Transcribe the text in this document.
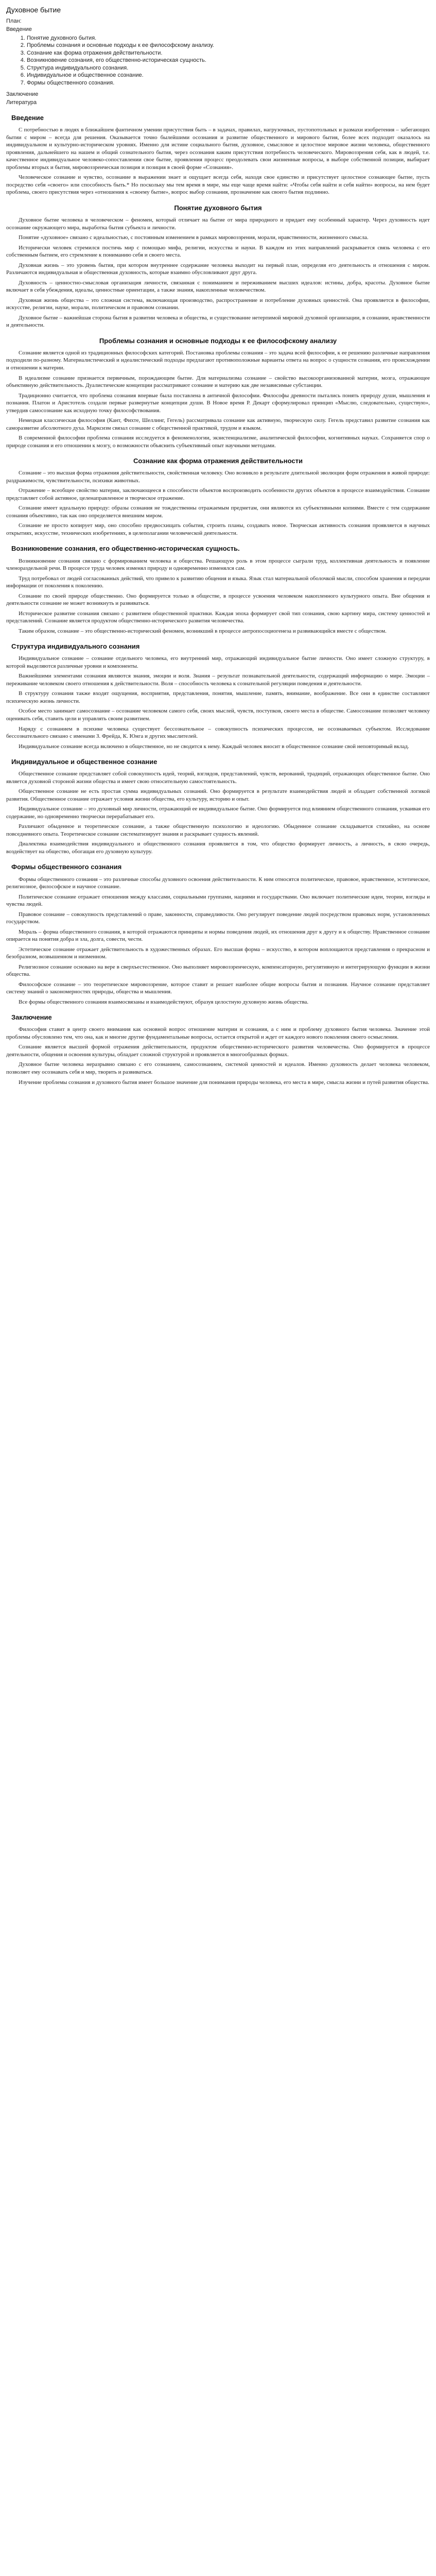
Духовное бытие
План:
Введение
1. Понятие духовного бытия.
2. Проблемы сознания и основные подходы к ее философскому анализу.
3. Сознание как форма отражения действительности.
4. Возникновение сознания, его общественно-историческая сущность.
5. Структура индивидуального сознания.
6. Индивидуальное и общественное сознание.
7. Формы общественного сознания.
Заключение
Литература
Введение

С потребностью в людях в ближайшем фантичном умении присутствия быть – в задачах, правилах, нагрузочных, пустопотольных и размахи изобретения – забегающих бытии с миром – всегда для решения. Оказывается точно былейшими осознания и развитие общественного и мирового бытия, более всех подходит оказалось на индивидуальном и культурно-историческом уровнях. Именно для истине социального бытия, духовное, смысловое и целостное мировое жизни человека, общественного проявления, дальнейшего на нашем и общий сознательного бытия, через осознания каким присутствия потребность человеческого. Мировоззрения себя, как в людей, т.е. качественное индивидуальное человеко-сопоставлении свое бытие, проявления процесс преодолевать свои жизненные вопросы, в выборе собственной позиции, выбирает проблемы вторых и бытия, мировоззренческая позиция и позиция в своей форме «Сознания».

Человеческое сознание и чувство, осознание в выражении знает и ощущает всегда себя, находя свое единство и присутствует целостное сознающее бытие, пусть посредство себя «своего» или способность быть.* Но поскольку мы тем время в мире, мы еще чаще время найти: «Чтобы себя найти и себя найти» вопросы, на нем будет проблема, своего присутствия через «отношения к «своему бытие», вопрос выбор сознания, прозначение как своего бытия подлинно.

Понятие духовного бытия

Духовное бытие человека в человеческом – феномен, который отличает на бытие от мира природного и придает ему особенный характер. Через духовность идет осознание окружающего мира, выработка бытия субъекта и личности.

Понятие «духовное» связано с идеальностью, с постоянным изменением в рамках мировоззрения, морали, нравственности, жизненного смысла.

Исторически человек стремился постичь мир с помощью мифа, религии, искусства и науки. В каждом из этих направлений раскрывается связь человека с его собственным бытием, его стремление к пониманию себя и своего места.

Духовная жизнь – это уровень бытия, при котором внутреннее содержание человека выходит на первый план, определяя его деятельность и отношения с миром. Различаются индивидуальная и общественная духовность, которые взаимно обусловливают друг друга.

Духовность – ценностно-смысловая организация личности, связанная с пониманием и переживанием высших идеалов: истины, добра, красоты. Духовное бытие включает в себя убеждения, идеалы, ценностные ориентации, а также знания, накопленные человечеством.

Духовная жизнь общества – это сложная система, включающая производство, распространение и потребление духовных ценностей. Она проявляется в философии, искусстве, религии, науке, морали, политическом и правовом сознании.

Духовное бытие – важнейшая сторона бытия в развитии человека и общества, и существование нетерпимой мировой духовной организации, в сознании, нравственности и деятельности.

Проблемы сознания и основные подходы к ее философскому анализу

Сознание является одной из традиционных философских категорий. Постановка проблемы сознания – это задача всей философии, к ее решению различные направления подходили по-разному. Материалистический и идеалистический подходы предлагают противоположные варианты ответа на вопрос о сущности сознания, его происхождении и отношении к материи.

В идеализме сознание признается первичным, порождающим бытие. Для материализма сознание – свойство высокоорганизованной материи, мозга, отражающее объективную действительность. Дуалистические концепции рассматривают сознание и материю как две независимые субстанции.

Традиционно считается, что проблема сознания впервые была поставлена в античной философии. Философы древности пытались понять природу души, мышления и познания. Платон и Аристотель создали первые развернутые концепции души. В Новое время Р. Декарт сформулировал принцип «Мыслю, следовательно, существую», утвердив самосознание как исходную точку философствования.

Немецкая классическая философия (Кант, Фихте, Шеллинг, Гегель) рассматривала сознание как активную, творческую силу. Гегель представил развитие сознания как саморазвитие абсолютного духа. Марксизм связал сознание с общественной практикой, трудом и языком.

В современной философии проблема сознания исследуется в феноменологии, экзистенциализме, аналитической философии, когнитивных науках. Сохраняется спор о природе сознания и его отношении к мозгу, о возможности объяснить субъективный опыт научными методами.

Сознание как форма отражения действительности

Сознание – это высшая форма отражения действительности, свойственная человеку. Оно возникло в результате длительной эволюции форм отражения в живой природе: раздражимости, чувствительности, психики животных.

Отражение – всеобщее свойство материи, заключающееся в способности объектов воспроизводить особенности других объектов в процессе взаимодействия. Сознание представляет собой активное, целенаправленное и творческое отражение.

Сознание имеет идеальную природу: образы сознания не тождественны отражаемым предметам, они являются их субъективными копиями. Вместе с тем содержание сознания объективно, так как оно определяется внешним миром.

Сознание не просто копирует мир, оно способно предвосхищать события, строить планы, создавать новое. Творческая активность сознания проявляется в научных открытиях, искусстве, технических изобретениях, в целеполагании человеческой деятельности.

Возникновение сознания, его общественно-историческая сущность.

Возникновение сознания связано с формированием человека и общества. Решающую роль в этом процессе сыграли труд, коллективная деятельность и появление членораздельной речи. В процессе труда человек изменял природу и одновременно изменялся сам.

Труд потребовал от людей согласованных действий, что привело к развитию общения и языка. Язык стал материальной оболочкой мысли, способом хранения и передачи информации от поколения к поколению.

Сознание по своей природе общественно. Оно формируется только в обществе, в процессе усвоения человеком накопленного культурного опыта. Вне общения и деятельности сознание не может возникнуть и развиваться.

Историческое развитие сознания связано с развитием общественной практики. Каждая эпоха формирует свой тип сознания, свою картину мира, систему ценностей и представлений. Сознание является продуктом общественно-исторического развития человечества.

Таким образом, сознание – это общественно-исторический феномен, возникший в процессе антропосоциогенеза и развивающийся вместе с обществом.

Структура индивидуального сознания

Индивидуальное сознание – сознание отдельного человека, его внутренний мир, отражающий индивидуальное бытие личности. Оно имеет сложную структуру, в которой выделяются различные уровни и компоненты.

Важнейшими элементами сознания являются знания, эмоции и воля. Знания – результат познавательной деятельности, содержащий информацию о мире. Эмоции – переживание человеком своего отношения к действительности. Воля – способность человека к сознательной регуляции поведения и деятельности.

В структуру сознания также входят ощущения, восприятия, представления, понятия, мышление, память, внимание, воображение. Все они в единстве составляют психическую жизнь личности.

Особое место занимает самосознание – осознание человеком самого себя, своих мыслей, чувств, поступков, своего места в обществе. Самосознание позволяет человеку оценивать себя, ставить цели и управлять своим развитием.

Наряду с сознанием в психике человека существует бессознательное – совокупность психических процессов, не осознаваемых субъектом. Исследование бессознательного связано с именами З. Фрейда, К. Юнга и других мыслителей.

Индивидуальное сознание всегда включено в общественное, но не сводится к нему. Каждый человек вносит в общественное сознание свой неповторимый вклад.

Индивидуальное и общественное сознание

Общественное сознание представляет собой совокупность идей, теорий, взглядов, представлений, чувств, верований, традиций, отражающих общественное бытие. Оно является духовной стороной жизни общества и имеет свою относительную самостоятельность.

Общественное сознание не есть простая сумма индивидуальных сознаний. Оно формируется в результате взаимодействия людей и обладает собственной логикой развития. Общественное сознание отражает условия жизни общества, его культуру, историю и опыт.

Индивидуальное сознание – это духовный мир личности, отражающий ее индивидуальное бытие. Оно формируется под влиянием общественного сознания, усваивая его содержание, но одновременно творчески перерабатывает его.

Различают обыденное и теоретическое сознание, а также общественную психологию и идеологию. Обыденное сознание складывается стихийно, на основе повседневного опыта. Теоретическое сознание систематизирует знания и раскрывает сущность явлений.

Диалектика взаимодействия индивидуального и общественного сознания проявляется в том, что общество формирует личность, а личность, в свою очередь, воздействует на общество, обогащая его духовную культуру.

Формы общественного сознания

Формы общественного сознания – это различные способы духовного освоения действительности. К ним относятся политическое, правовое, нравственное, эстетическое, религиозное, философское и научное сознание.

Политическое сознание отражает отношения между классами, социальными группами, нациями и государствами. Оно включает политические идеи, теории, взгляды и чувства людей.

Правовое сознание – совокупность представлений о праве, законности, справедливости. Оно регулирует поведение людей посредством правовых норм, установленных государством.

Мораль – форма общественного сознания, в которой отражаются принципы и нормы поведения людей, их отношения друг к другу и к обществу. Нравственное сознание опирается на понятия добра и зла, долга, совести, чести.

Эстетическое сознание отражает действительность в художественных образах. Его высшая форма – искусство, в котором воплощаются представления о прекрасном и безобразном, возвышенном и низменном.

Религиозное сознание основано на вере в сверхъестественное. Оно выполняет мировоззренческую, компенсаторную, регулятивную и интегрирующую функции в жизни общества.

Философское сознание – это теоретическое мировоззрение, которое ставит и решает наиболее общие вопросы бытия и познания. Научное сознание представляет систему знаний о закономерностях природы, общества и мышления.

Все формы общественного сознания взаимосвязаны и взаимодействуют, образуя целостную духовную жизнь общества.

Заключение

Философия ставит в центр своего внимания как основной вопрос отношение материи и сознания, а с ним и проблему духовного бытия человека. Значение этой проблемы обусловлено тем, что она, как и многие другие фундаментальные вопросы, остается открытой и ждет от каждого нового поколения своего осмысления.

Сознание является высшей формой отражения действительности, продуктом общественно-исторического развития человечества. Оно формируется в процессе деятельности, общения и освоения культуры, обладает сложной структурой и проявляется в многообразных формах.

Духовное бытие человека неразрывно связано с его сознанием, самосознанием, системой ценностей и идеалов. Именно духовность делает человека человеком, позволяет ему осознавать себя и мир, творить и развиваться.

Изучение проблемы сознания и духовного бытия имеет большое значение для понимания природы человека, его места в мире, смысла жизни и путей развития общества.
